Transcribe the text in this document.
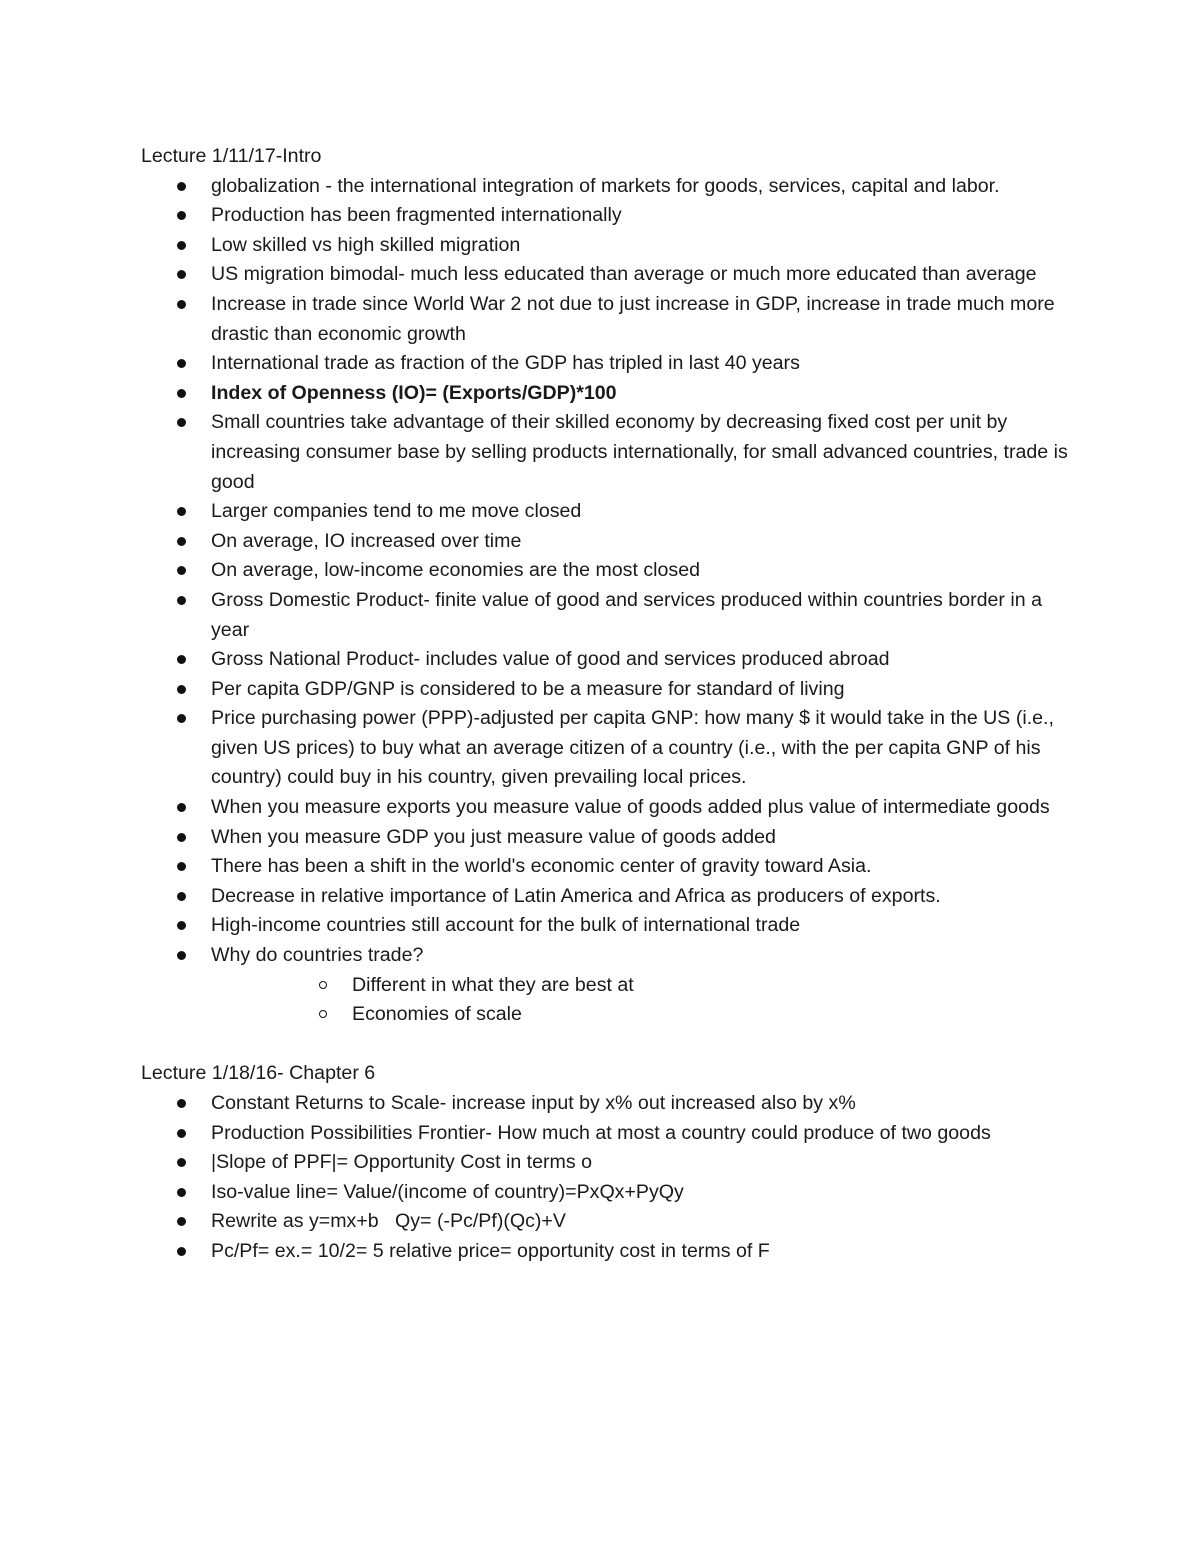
Lecture 1/11/17-Intro

globalization - the international integration of markets for goods, services, capital and labor.
Production has been fragmented internationally
Low skilled vs high skilled migration
US migration bimodal- much less educated than average or much more educated than average
Increase in trade since World War 2 not due to just increase in GDP, increase in trade much more drastic than economic growth
International trade as fraction of the GDP has tripled in last 40 years
Index of Openness (IO)= (Exports/GDP)*100
Small countries take advantage of their skilled economy by decreasing fixed cost per unit by increasing consumer base by selling products internationally, for small advanced countries, trade is good
Larger companies tend to me move closed
On average, IO increased over time
On average, low-income economies are the most closed
Gross Domestic Product- finite value of good and services produced within countries border in a year
Gross National Product- includes value of good and services produced abroad
Per capita GDP/GNP is considered to be a measure for standard of living
Price purchasing power (PPP)-adjusted per capita GNP: how many $ it would take in the US (i.e., given US prices) to buy what an average citizen of a country (i.e., with the per capita GNP of his country) could buy in his country, given prevailing local prices.
When you measure exports you measure value of goods added plus value of intermediate goods
When you measure GDP you just measure value of goods added
There has been a shift in the world's economic center of gravity toward Asia.
Decrease in relative importance of Latin America and Africa as producers of exports.
High-income countries still account for the bulk of international trade
Why do countries trade?
Different in what they are best at
Economies of scale

Lecture 1/18/16- Chapter 6

Constant Returns to Scale- increase input by x% out increased also by x%
Production Possibilities Frontier- How much at most a country could produce of two goods
|Slope of PPF|= Opportunity Cost in terms o
Iso-value line= Value/(income of country)=PxQx+PyQy
Rewrite as y=mx+b   Qy= (-Pc/Pf)(Qc)+V
Pc/Pf= ex.= 10/2= 5 relative price= opportunity cost in terms of F
